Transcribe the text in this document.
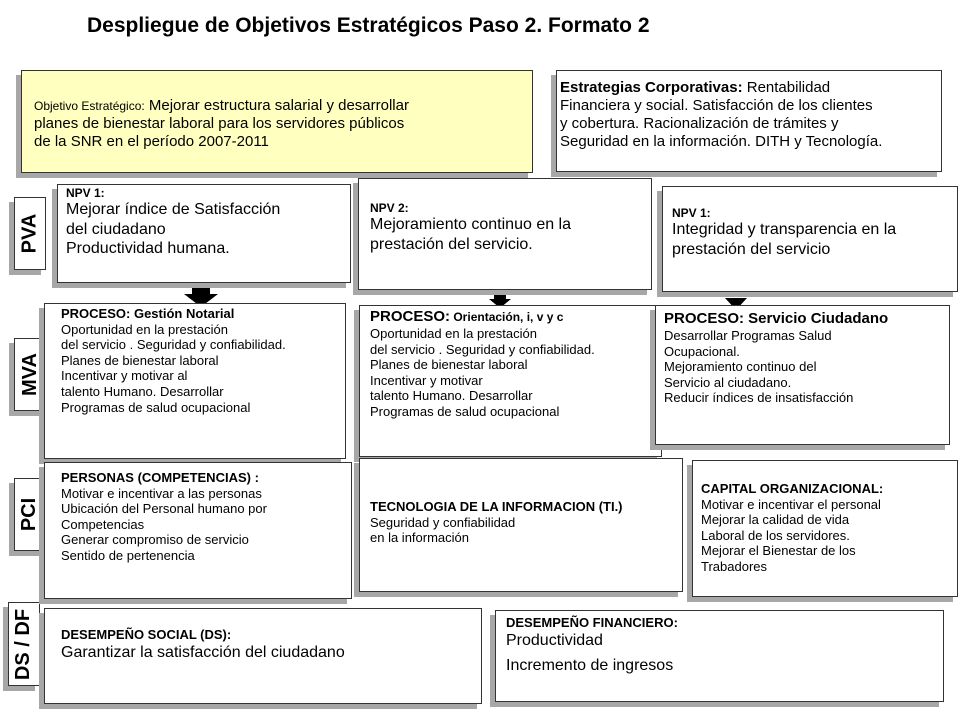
Despliegue de Objetivos Estratégicos Paso 2. Formato 2
Objetivo Estratégico: Mejorar estructura salarial y desarrollar
planes de bienestar laboral para los servidores públicos
de la SNR en el período 2007-2011
Estrategias Corporativas: Rentabilidad
Financiera y social. Satisfacción de los clientes
y cobertura. Racionalización de trámites y
Seguridad en la información. DITH y Tecnología.
PVA
MVA
PCI
DS / DF
NPV 1:
Mejorar índice de Satisfacción
del ciudadano
Productividad humana.
NPV 2:
Mejoramiento continuo en la
prestación del servicio.
NPV 1:
Integridad y transparencia en la
prestación del servicio
PROCESO: Gestión Notarial
Oportunidad en la prestación
del servicio . Seguridad y confiabilidad.
Planes de bienestar laboral
Incentivar y motivar al
talento Humano. Desarrollar
Programas de salud ocupacional
PROCESO: Orientación, i, v y c
Oportunidad en la prestación
del servicio . Seguridad y confiabilidad.
Planes de bienestar laboral
Incentivar y motivar
talento Humano. Desarrollar
Programas de salud ocupacional
PROCESO: Servicio Ciudadano
Desarrollar Programas Salud
Ocupacional.
Mejoramiento continuo del
Servicio al ciudadano.
Reducir índices de insatisfacción
PERSONAS (COMPETENCIAS) :
Motivar e incentivar a las personas
Ubicación del Personal humano por
Competencias
Generar compromiso de servicio
Sentido de pertenencia
TECNOLOGIA DE LA INFORMACION (TI.)
Seguridad y confiabilidad
en la información
CAPITAL ORGANIZACIONAL:
Motivar e incentivar el personal
Mejorar la calidad de vida
Laboral de los servidores.
Mejorar el Bienestar de los
Trabadores
DESEMPEÑO SOCIAL (DS):
Garantizar la satisfacción del ciudadano
DESEMPEÑO FINANCIERO:
Productividad
Incremento de ingresos
